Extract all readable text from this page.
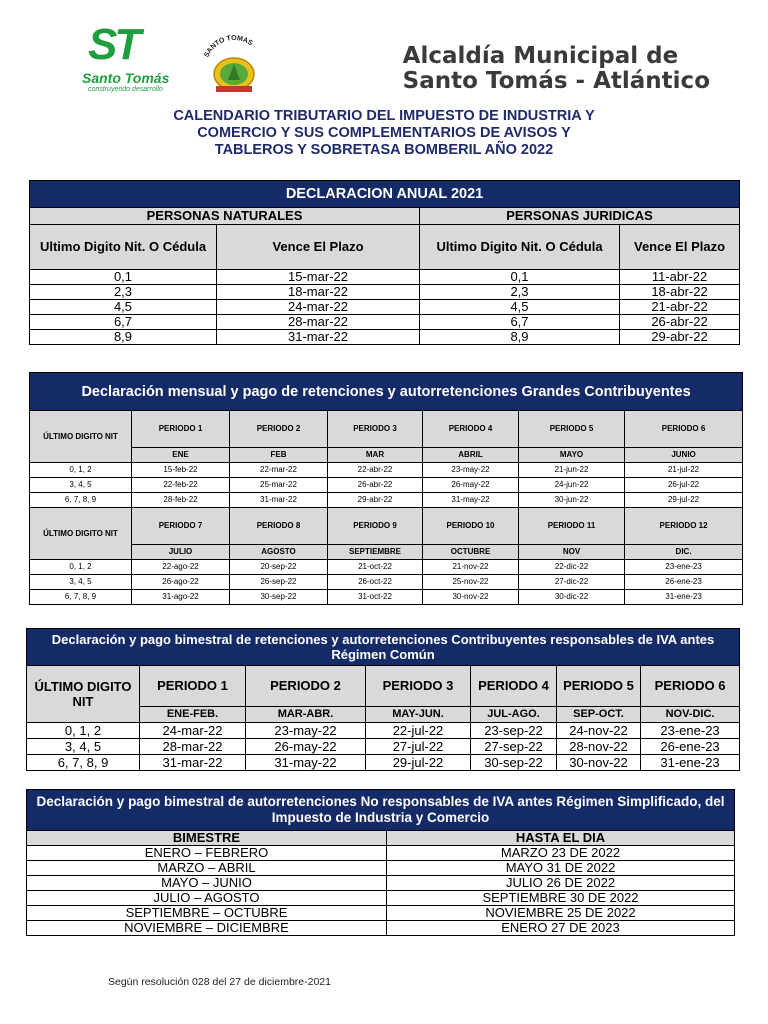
ST
Santo Tomás
construyendo desarrollo
SANTO TOMAS	Alcaldía Municipal de
Santo Tomás - Atlántico
CALENDARIO TRIBUTARIO DEL IMPUESTO DE INDUSTRIA Y
COMERCIO Y SUS COMPLEMENTARIOS DE AVISOS Y
TABLEROS Y SOBRETASA BOMBERIL AÑO 2022
DECLARACION ANUAL 2021			
PERSONAS NATURALES		PERSONAS JURIDICAS	
Ultimo Digito Nit. O Cédula	Vence El Plazo	Ultimo Digito Nit. O Cédula	Vence El Plazo
0,1	15-mar-22	0,1	11-abr-22
2,3	18-mar-22	2,3	18-abr-22
4,5	24-mar-22	4,5	21-abr-22
6,7	28-mar-22	6,7	26-abr-22
8,9	31-mar-22	8,9	29-abr-22
Declaración mensual y pago de retenciones y autorretenciones Grandes Contribuyentes						
ÚLTIMO DIGITO NIT	PERIODO 1	PERIODO 2	PERIODO 3	PERIODO 4	PERIODO 5	PERIODO 6
	ENE	FEB	MAR	ABRIL	MAYO	JUNIO
0, 1, 2	15-feb-22	22-mar-22	22-abr-22	23-may-22	21-jun-22	21-jul-22
3, 4, 5	22-feb-22	25-mar-22	26-abr-22	26-may-22	24-jun-22	26-jul-22
6, 7, 8, 9	28-feb-22	31-mar-22	29-abr-22	31-may-22	30-jun-22	29-jul-22
ÚLTIMO DIGITO NIT	PERIODO 7	PERIODO 8	PERIODO 9	PERIODO 10	PERIODO 11	PERIODO 12
	JULIO	AGOSTO	SEPTIEMBRE	OCTUBRE	NOV	DIC.
0, 1, 2	22-ago-22	20-sep-22	21-oct-22	21-nov-22	22-dic-22	23-ene-23
3, 4, 5	26-ago-22	26-sep-22	26-oct-22	25-nov-22	27-dic-22	26-ene-23
6, 7, 8, 9	31-ago-22	30-sep-22	31-oct-22	30-nov-22	30-dic-22	31-ene-23
Declaración y pago bimestral de retenciones y autorretenciones Contribuyentes responsables de IVA antes Régimen Común						
ÚLTIMO DIGITO NIT	PERIODO 1	PERIODO 2	PERIODO 3	PERIODO 4	PERIODO 5	PERIODO 6
	ENE-FEB.	MAR-ABR.	MAY-JUN.	JUL-AGO.	SEP-OCT.	NOV-DIC.
0, 1, 2	24-mar-22	23-may-22	22-jul-22	23-sep-22	24-nov-22	23-ene-23
3, 4, 5	28-mar-22	26-may-22	27-jul-22	27-sep-22	28-nov-22	26-ene-23
6, 7, 8, 9	31-mar-22	31-may-22	29-jul-22	30-sep-22	30-nov-22	31-ene-23
Declaración y pago bimestral de autorretenciones No responsables de IVA antes Régimen Simplificado, del Impuesto de Industria y Comercio	
BIMESTRE	HASTA EL DIA
ENERO – FEBRERO	MARZO 23 DE 2022
MARZO – ABRIL	MAYO 31 DE 2022
MAYO – JUNIO	JULIO 26 DE 2022
JULIO – AGOSTO	SEPTIEMBRE 30 DE 2022
SEPTIEMBRE – OCTUBRE	NOVIEMBRE 25 DE 2022
NOVIEMBRE – DICIEMBRE	ENERO 27 DE 2023
Según resolución 028 del 27 de diciembre-2021
